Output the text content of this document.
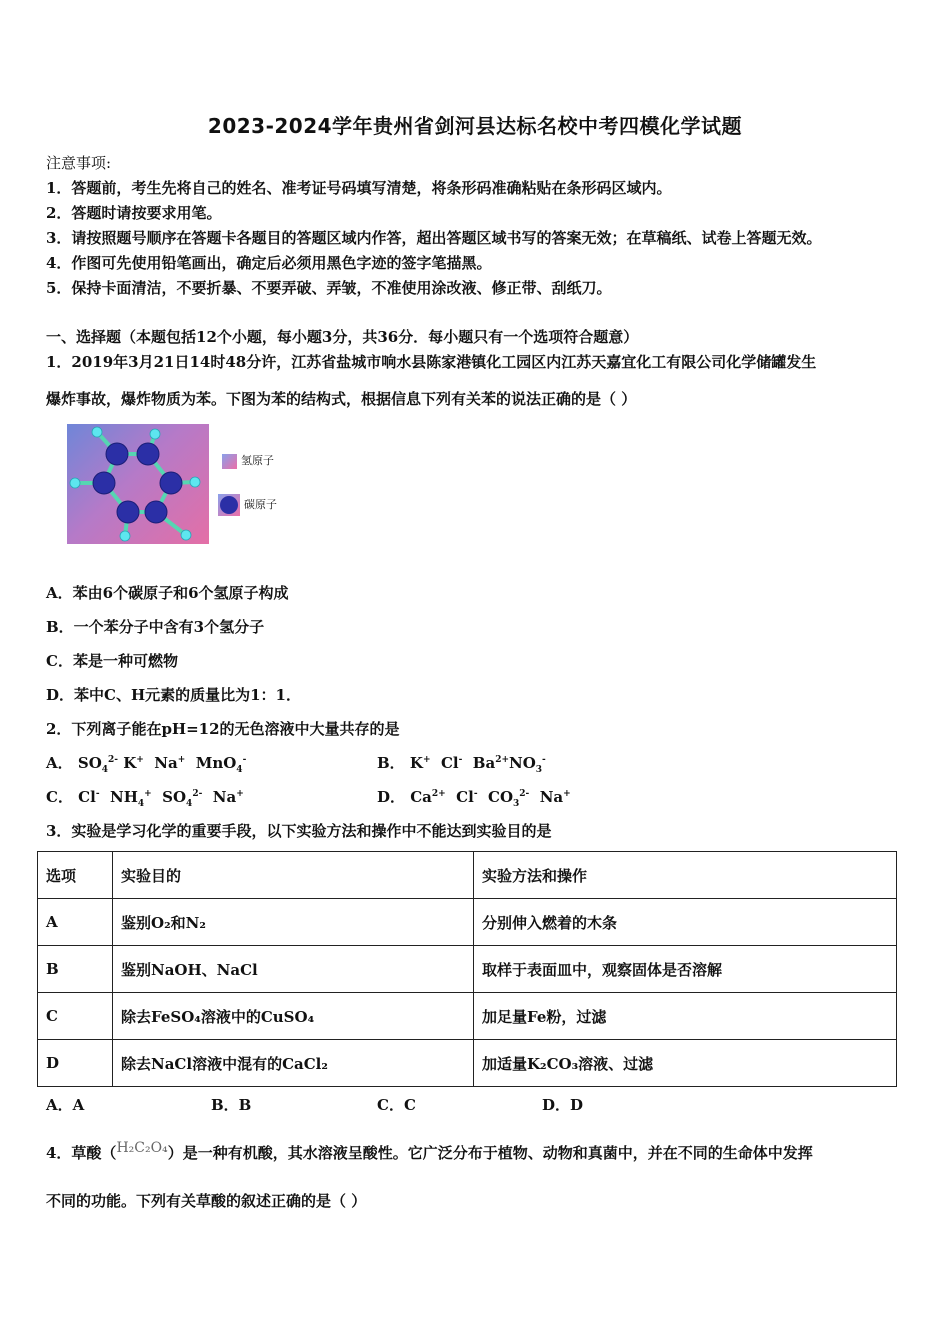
2023-2024学年贵州省剑河县达标名校中考四模化学试题
注意事项:
1．答题前，考生先将自己的姓名、准考证号码填写清楚，将条形码准确粘贴在条形码区域内。
2．答题时请按要求用笔。
3．请按照题号顺序在答题卡各题目的答题区域内作答，超出答题区域书写的答案无效；在草稿纸、试卷上答题无效。
4．作图可先使用铅笔画出，确定后必须用黑色字迹的签字笔描黑。
5．保持卡面清洁，不要折暴、不要弄破、弄皱，不准使用涂改液、修正带、刮纸刀。
一、选择题（本题包括12个小题，每小题3分，共36分．每小题只有一个选项符合题意）
1．2019年3月21日14时48分许，江苏省盐城市响水县陈家港镇化工园区内江苏天嘉宜化工有限公司化学储罐发生
爆炸事故，爆炸物质为苯。下图为苯的结构式，根据信息下列有关苯的说法正确的是（ ）
氢原子
碳原子
A．苯由6个碳原子和6个氢原子构成
B．一个苯分子中含有3个氢分子
C．苯是一种可燃物
D．苯中C、H元素的质量比为1：1．
2．下列离子能在pH=12的无色溶液中大量共存的是
A． $SO_4^{2-}$ K+  Na+  MnO$_4$-	B． K+  Cl-  $Ba^{2+}NO_3^-$
C． Cl-  $NH_4^+$  $SO_4^{2-}$  Na+	D． $Ca^{2+}$  Cl-  $CO_3^{2-}$  Na+
3．实验是学习化学的重要手段，以下实验方法和操作中不能达到实验目的是
选项	实验目的	实验方法和操作
A	鉴别O₂和N₂	分别伸入燃着的木条
B	鉴别NaOH、NaCl	取样于表面皿中，观察固体是否溶解
C	除去FeSO₄溶液中的CuSO₄	加足量Fe粉，过滤
D	除去NaCl溶液中混有的CaCl₂	加适量K₂CO₃溶液、过滤
A．A	B．B	C．C	D．D
4．草酸（H₂C₂O₄）是一种有机酸，其水溶液呈酸性。它广泛分布于植物、动物和真菌中，并在不同的生命体中发挥
不同的功能。下列有关草酸的叙述正确的是（ ）
